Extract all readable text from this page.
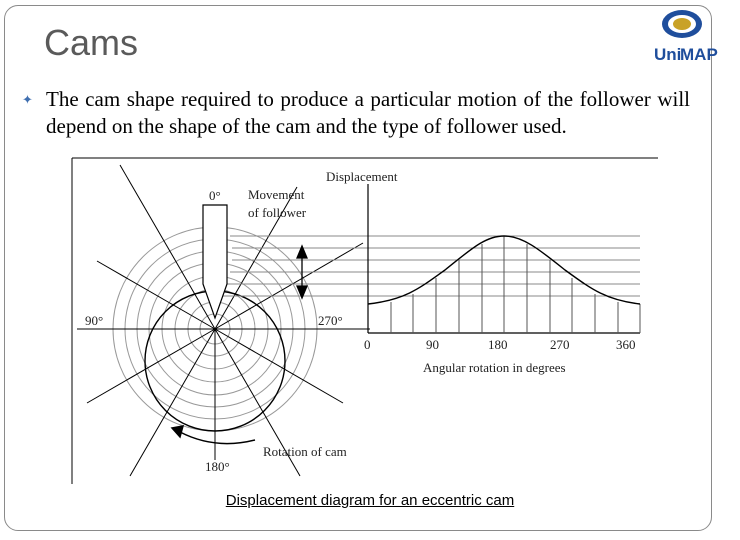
Cams	Uni
MAP
✦ The cam shape required to produce a particular motion of the follower will depend on the shape of the cam and the type of follower used.
0°
90°	270°
180°
Movement
of follower
Rotation of cam
Displacement
Angular rotation in degrees
0	90	180	270	360
Displacement diagram for an eccentric cam
